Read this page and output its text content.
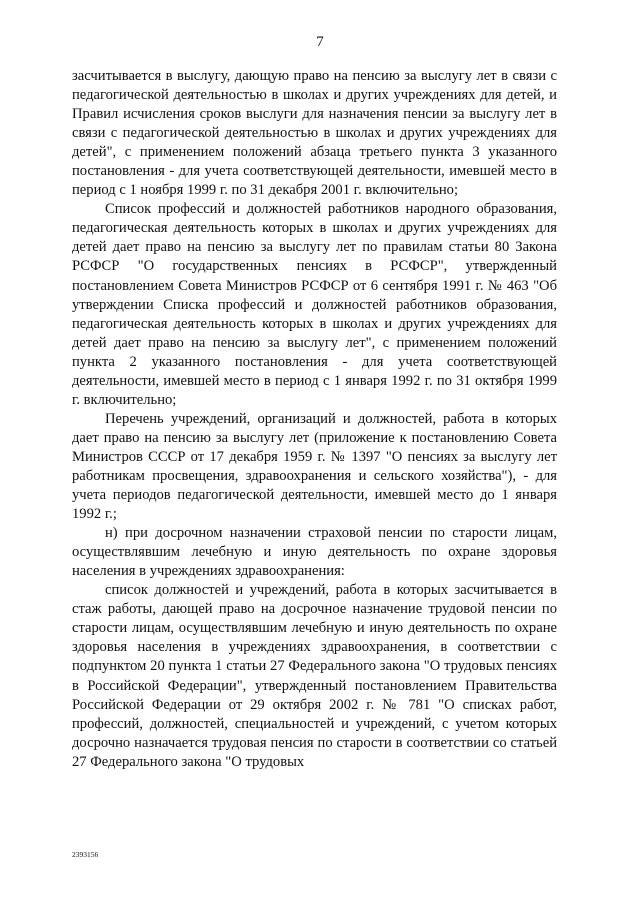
7

засчитывается в выслугу, дающую право на пенсию за выслугу лет в связи с педагогической деятельностью в школах и других учреждениях для детей, и Правил исчисления сроков выслуги для назначения пенсии за выслугу лет в связи с педагогической деятельностью в школах и других учреждениях для детей", с применением положений абзаца третьего пункта 3 указанного постановления - для учета соответствующей деятельности, имевшей место в период с 1 ноября 1999 г. по 31 декабря 2001 г. включительно;

Список профессий и должностей работников народного образования, педагогическая деятельность которых в школах и других учреждениях для детей дает право на пенсию за выслугу лет по правилам статьи 80 Закона РСФСР "О государственных пенсиях в РСФСР", утвержденный постановлением Совета Министров РСФСР от 6 сентября 1991 г. № 463 "Об утверждении Списка профессий и должностей работников образования, педагогическая деятельность которых в школах и других учреждениях для детей дает право на пенсию за выслугу лет", с применением положений пункта 2 указанного постановления - для учета соответствующей деятельности, имевшей место в период с 1 января 1992 г. по 31 октября 1999 г. включительно;

Перечень учреждений, организаций и должностей, работа в которых дает право на пенсию за выслугу лет (приложение к постановлению Совета Министров СССР от 17 декабря 1959 г. № 1397 "О пенсиях за выслугу лет работникам просвещения, здравоохранения и сельского хозяйства"), - для учета периодов педагогической деятельности, имевшей место до 1 января 1992 г.;

н) при досрочном назначении страховой пенсии по старости лицам, осуществлявшим лечебную и иную деятельность по охране здоровья населения в учреждениях здравоохранения:

список должностей и учреждений, работа в которых засчитывается в стаж работы, дающей право на досрочное назначение трудовой пенсии по старости лицам, осуществлявшим лечебную и иную деятельность по охране здоровья населения в учреждениях здравоохранения, в соответствии с подпунктом 20 пункта 1 статьи 27 Федерального закона "О трудовых пенсиях в Российской Федерации", утвержденный постановлением Правительства Российской Федерации от 29 октября 2002 г. № 781 "О списках работ, профессий, должностей, специальностей и учреждений, с учетом которых досрочно назначается трудовая пенсия по старости в соответствии со статьей 27 Федерального закона "О трудовых

2393156
